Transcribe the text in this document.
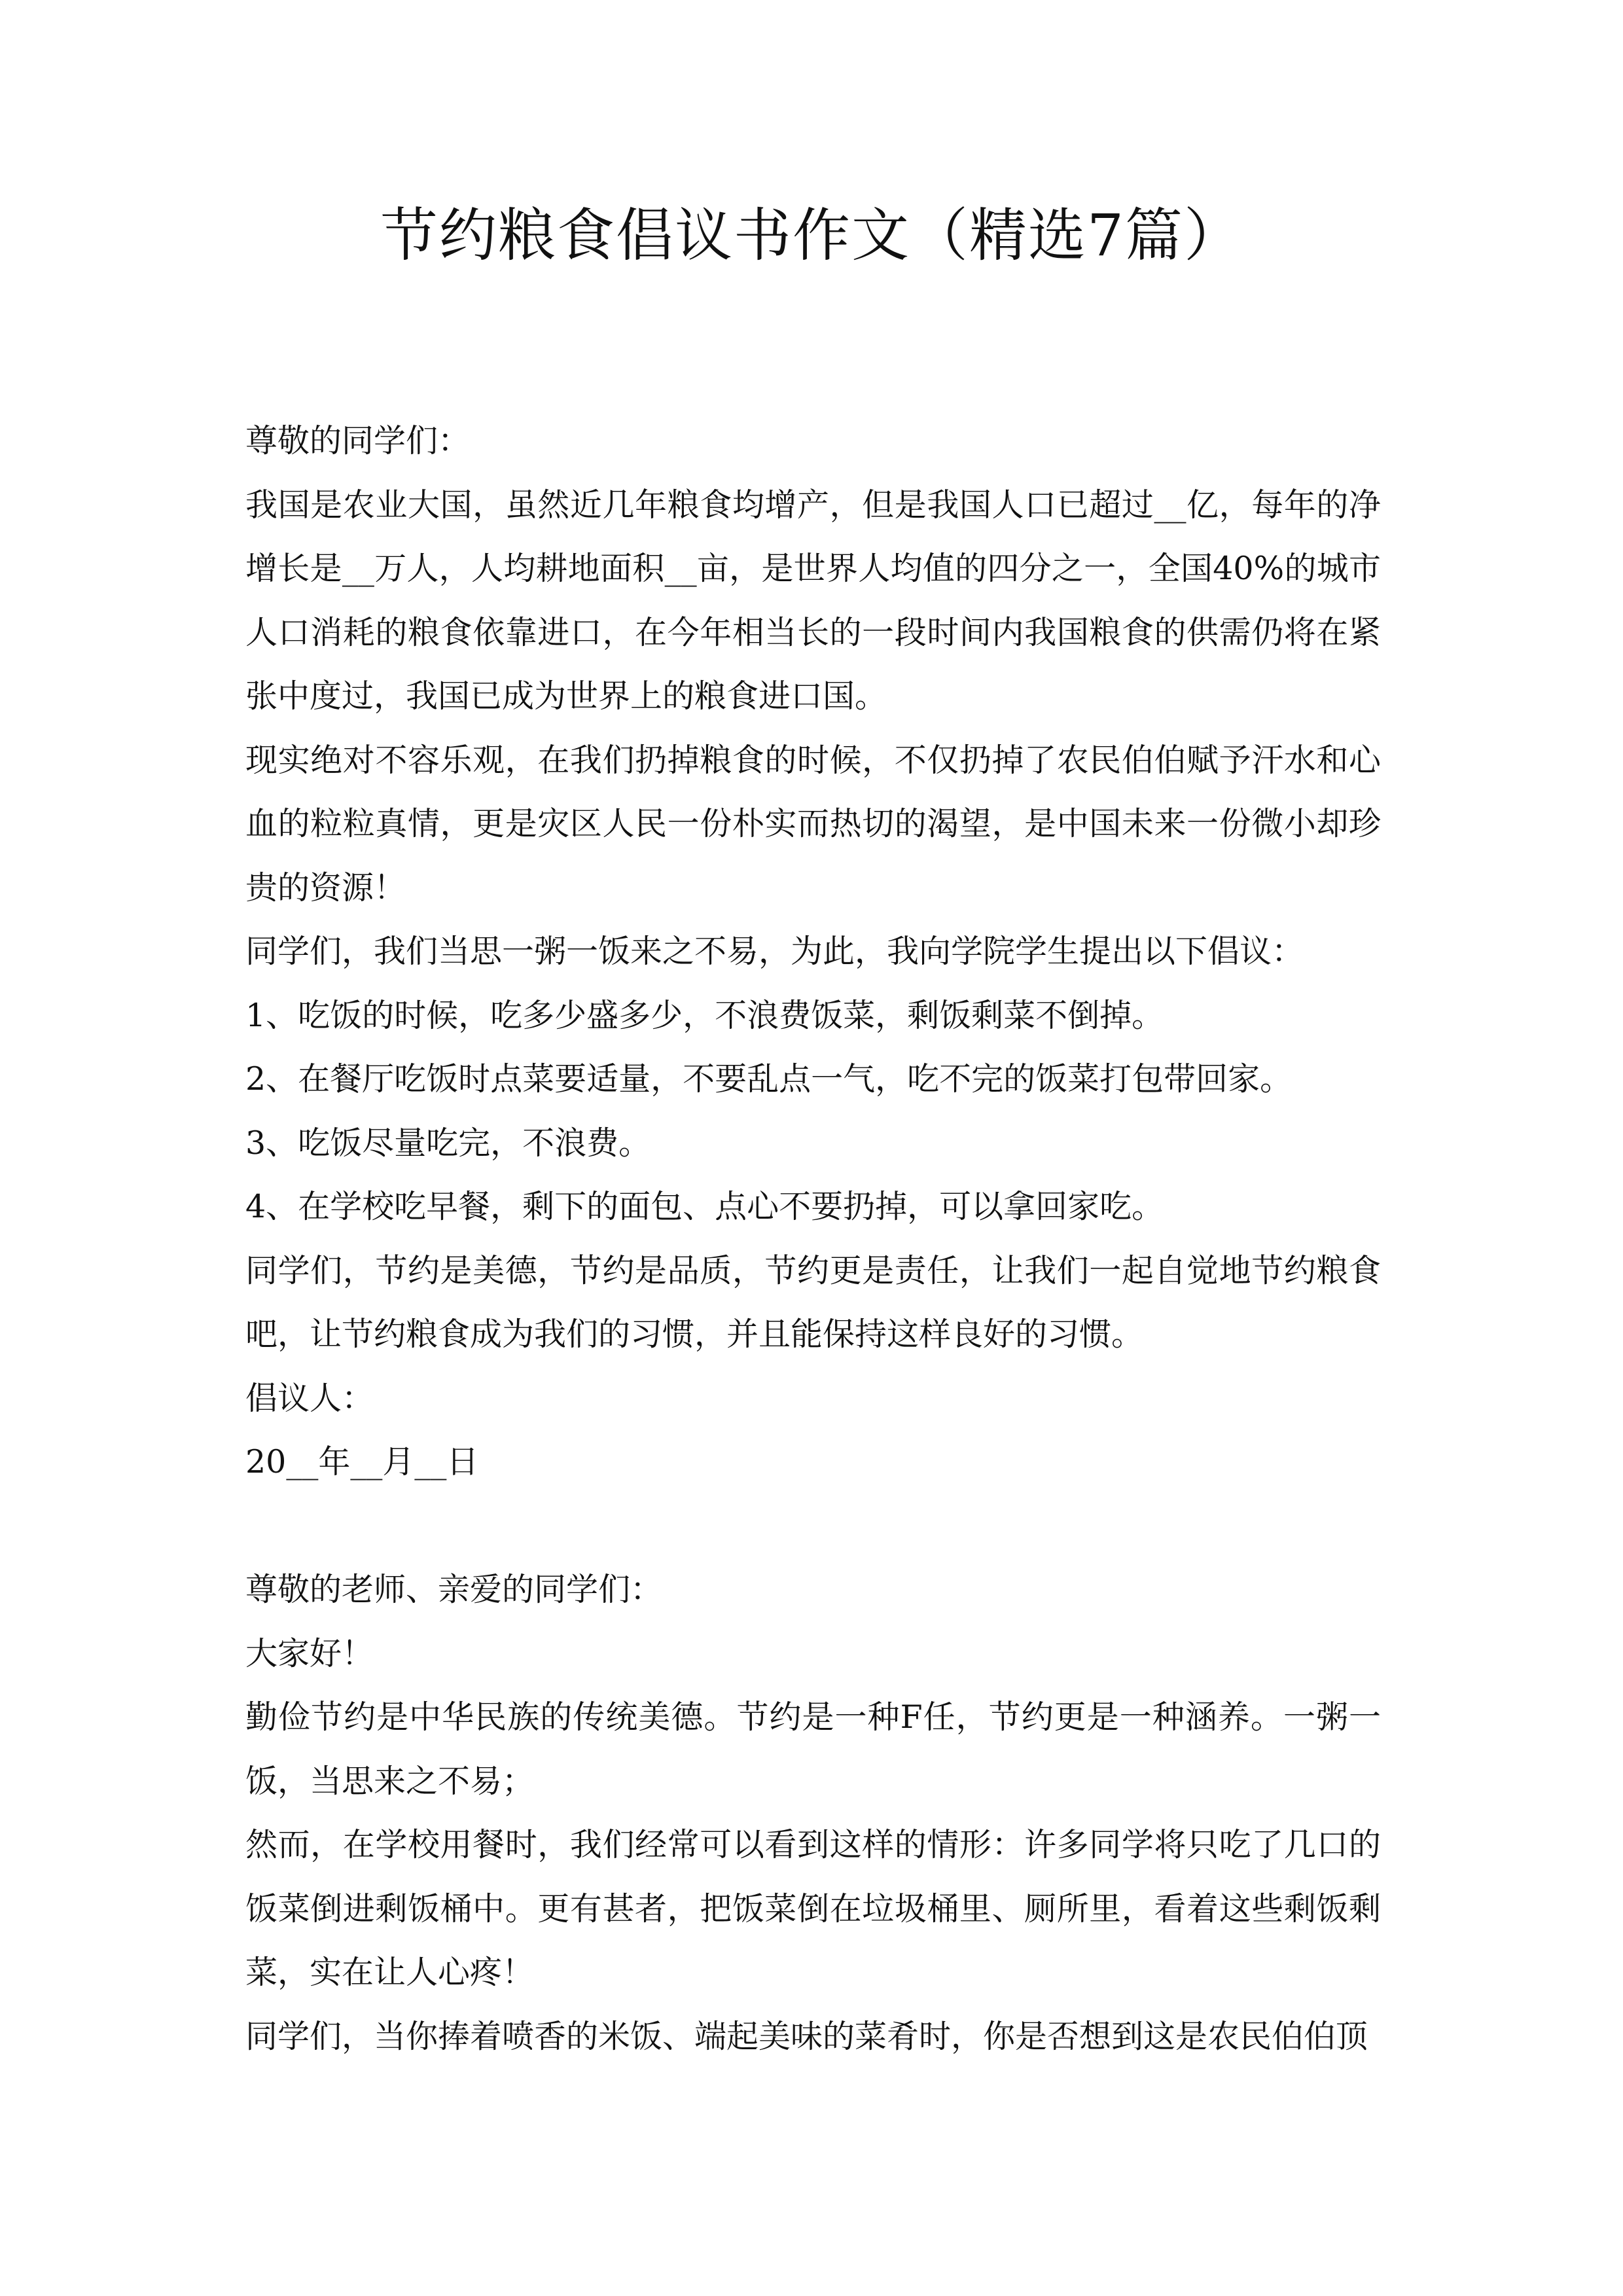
节约粮食倡议书作文（精选7篇）

尊敬的同学们：

我国是农业大国，虽然近几年粮食均增产，但是我国人口已超过__亿，每年的净增长是__万人，人均耕地面积__亩，是世界人均值的四分之一，全国40%的城市人口消耗的粮食依靠进口，在今年相当长的一段时间内我国粮食的供需仍将在紧张中度过，我国已成为世界上的粮食进口国。

现实绝对不容乐观，在我们扔掉粮食的时候，不仅扔掉了农民伯伯赋予汗水和心血的粒粒真情，更是灾区人民一份朴实而热切的渴望，是中国未来一份微小却珍贵的资源！

同学们，我们当思一粥一饭来之不易，为此，我向学院学生提出以下倡议：

1、吃饭的时候，吃多少盛多少，不浪费饭菜，剩饭剩菜不倒掉。

2、在餐厅吃饭时点菜要适量，不要乱点一气，吃不完的饭菜打包带回家。

3、吃饭尽量吃完，不浪费。

4、在学校吃早餐，剩下的面包、点心不要扔掉，可以拿回家吃。

同学们，节约是美德，节约是品质，节约更是责任，让我们一起自觉地节约粮食吧，让节约粮食成为我们的习惯，并且能保持这样良好的习惯。

倡议人：

20__年__月__日

尊敬的老师、亲爱的同学们：

大家好！

勤俭节约是中华民族的传统美德。节约是一种F任，节约更是一种涵养。一粥一饭，当思来之不易；

然而，在学校用餐时，我们经常可以看到这样的情形：许多同学将只吃了几口的饭菜倒进剩饭桶中。更有甚者，把饭菜倒在垃圾桶里、厕所里，看着这些剩饭剩菜，实在让人心疼！

同学们，当你捧着喷香的米饭、端起美味的菜肴时，你是否想到这是农民伯伯顶
